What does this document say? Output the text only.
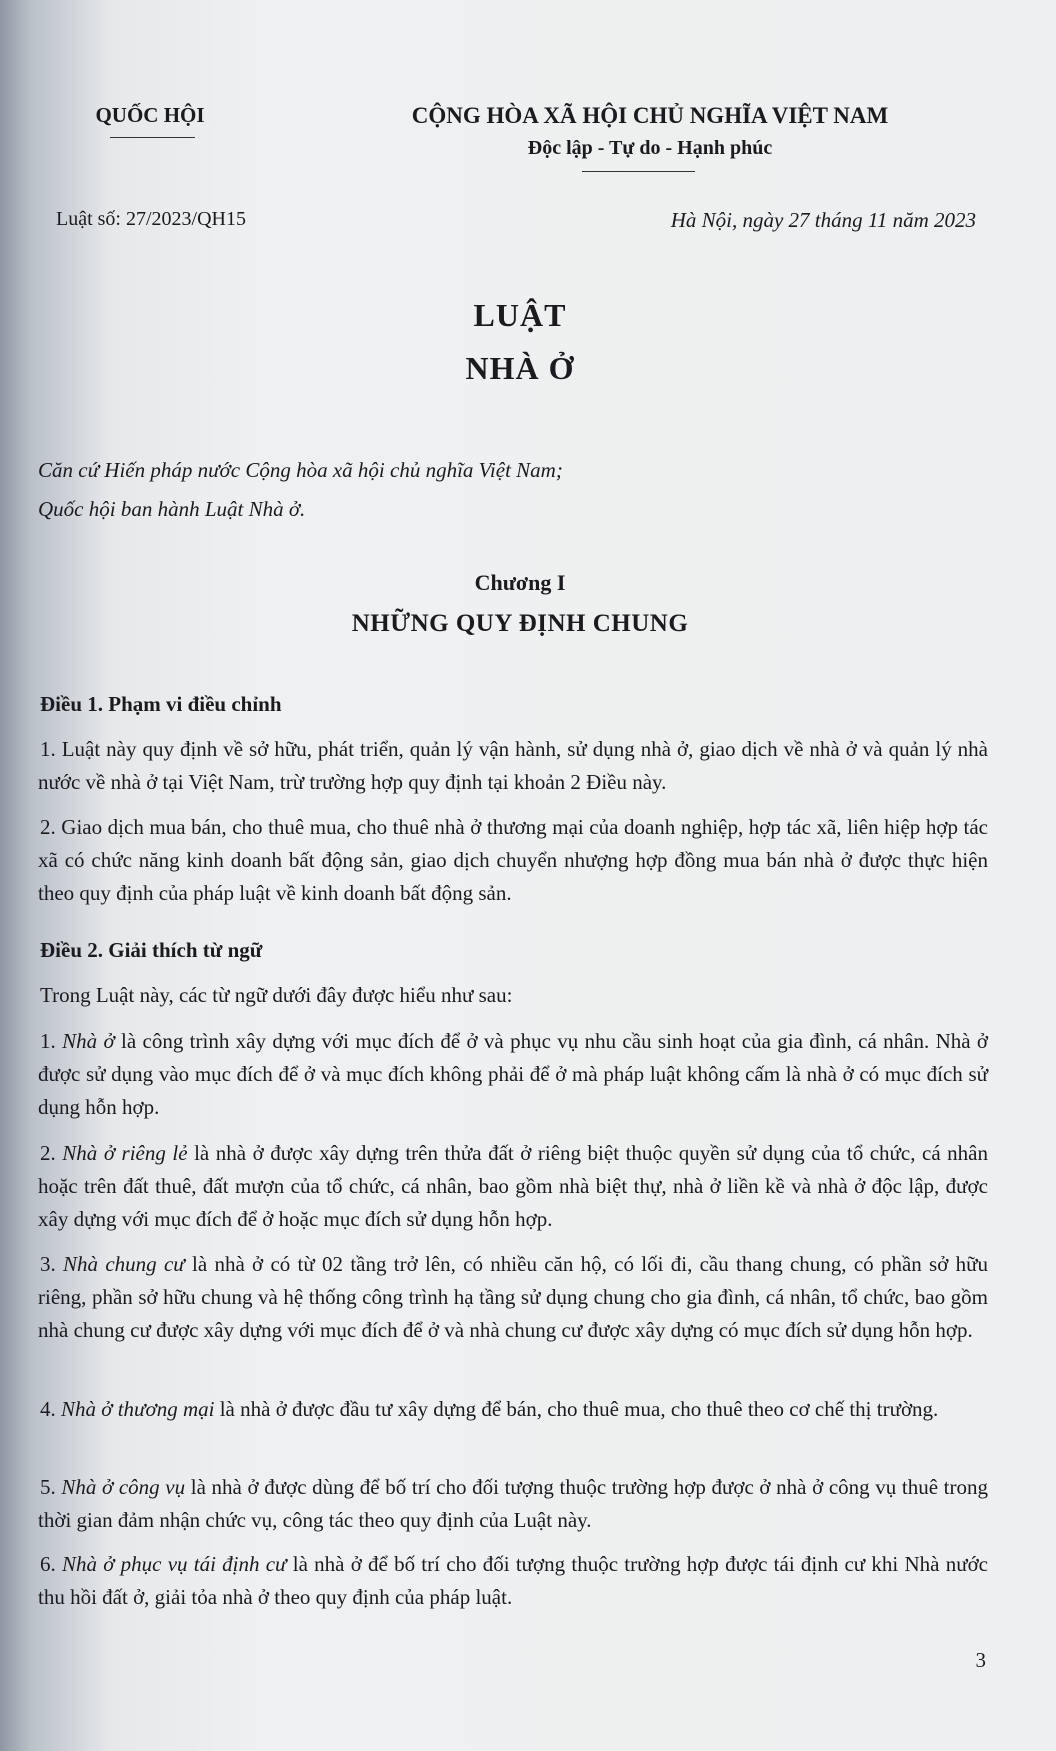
QUỐC HỘI	CỘNG HÒA XÃ HỘI CHỦ NGHĨA VIỆT NAM
Độc lập - Tự do - Hạnh phúc
Luật số: 27/2023/QH15	Hà Nội, ngày 27 tháng 11 năm 2023
LUẬT
NHÀ Ở
Căn cứ Hiến pháp nước Cộng hòa xã hội chủ nghĩa Việt Nam;
Quốc hội ban hành Luật Nhà ở.
Chương I
NHỮNG QUY ĐỊNH CHUNG
Điều 1. Phạm vi điều chỉnh
1. Luật này quy định về sở hữu, phát triển, quản lý vận hành, sử dụng nhà ở, giao dịch về nhà ở và quản lý nhà nước về nhà ở tại Việt Nam, trừ trường hợp quy định tại khoản 2 Điều này.
2. Giao dịch mua bán, cho thuê mua, cho thuê nhà ở thương mại của doanh nghiệp, hợp tác xã, liên hiệp hợp tác xã có chức năng kinh doanh bất động sản, giao dịch chuyển nhượng hợp đồng mua bán nhà ở được thực hiện theo quy định của pháp luật về kinh doanh bất động sản.
Điều 2. Giải thích từ ngữ
Trong Luật này, các từ ngữ dưới đây được hiểu như sau:
1. Nhà ở là công trình xây dựng với mục đích để ở và phục vụ nhu cầu sinh hoạt của gia đình, cá nhân. Nhà ở được sử dụng vào mục đích để ở và mục đích không phải để ở mà pháp luật không cấm là nhà ở có mục đích sử dụng hỗn hợp.
2. Nhà ở riêng lẻ là nhà ở được xây dựng trên thửa đất ở riêng biệt thuộc quyền sử dụng của tổ chức, cá nhân hoặc trên đất thuê, đất mượn của tổ chức, cá nhân, bao gồm nhà biệt thự, nhà ở liền kề và nhà ở độc lập, được xây dựng với mục đích để ở hoặc mục đích sử dụng hỗn hợp.
3. Nhà chung cư là nhà ở có từ 02 tầng trở lên, có nhiều căn hộ, có lối đi, cầu thang chung, có phần sở hữu riêng, phần sở hữu chung và hệ thống công trình hạ tầng sử dụng chung cho gia đình, cá nhân, tổ chức, bao gồm nhà chung cư được xây dựng với mục đích để ở và nhà chung cư được xây dựng có mục đích sử dụng hỗn hợp.
4. Nhà ở thương mại là nhà ở được đầu tư xây dựng để bán, cho thuê mua, cho thuê theo cơ chế thị trường.
5. Nhà ở công vụ là nhà ở được dùng để bố trí cho đối tượng thuộc trường hợp được ở nhà ở công vụ thuê trong thời gian đảm nhận chức vụ, công tác theo quy định của Luật này.
6. Nhà ở phục vụ tái định cư là nhà ở để bố trí cho đối tượng thuộc trường hợp được tái định cư khi Nhà nước thu hồi đất ở, giải tỏa nhà ở theo quy định của pháp luật.
3
